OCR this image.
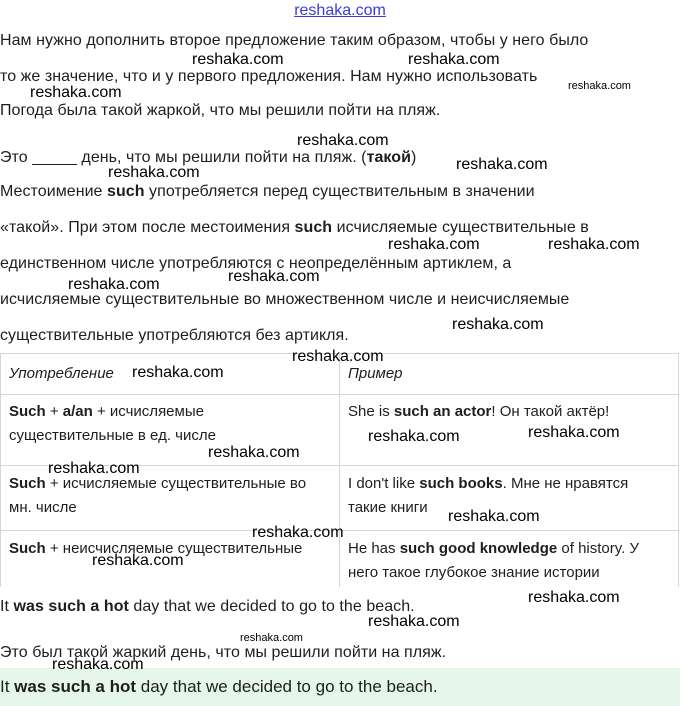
reshaka.com
Нам нужно дополнить второе предложение таким образом, чтобы у него было
то же значение, что и у первого предложения. Нам нужно использовать
Погода была такой жаркой, что мы решили пойти на пляж.
Это _____ день, что мы решили пойти на пляж. (такой)
Местоимение such употребляется перед существительным в значении
«такой». При этом после местоимения such исчисляемые существительные в
единственном числе употребляются с неопределённым артиклем, а
исчисляемые существительные во множественном числе и неисчисляемые
существительные употребляются без артикля.
Употребление	Пример
Such + a/an + исчисляемые
существительные в ед. числе	She is such an actor! Он такой актёр!
Such + исчисляемые существительные во
мн. числе	I don't like such books. Мне не нравятся
такие книги
Such + неисчисляемые существительные	He has such good knowledge of history. У
него такое глубокое знание истории
It was such a hot day that we decided to go to the beach.
Это был такой жаркий день, что мы решили пойти на пляж.
It was such a hot day that we decided to go to the beach.
reshaka.com	reshaka.com
reshaka.com	reshaka.com
reshaka.com
reshaka.com
reshaka.com
reshaka.com	reshaka.com
reshaka.com
reshaka.com
reshaka.com
reshaka.com
reshaka.com
reshaka.com
reshaka.com
reshaka.com
reshaka.com
reshaka.com
reshaka.com
reshaka.com
reshaka.com
reshaka.com
reshaka.com
reshaka.com
